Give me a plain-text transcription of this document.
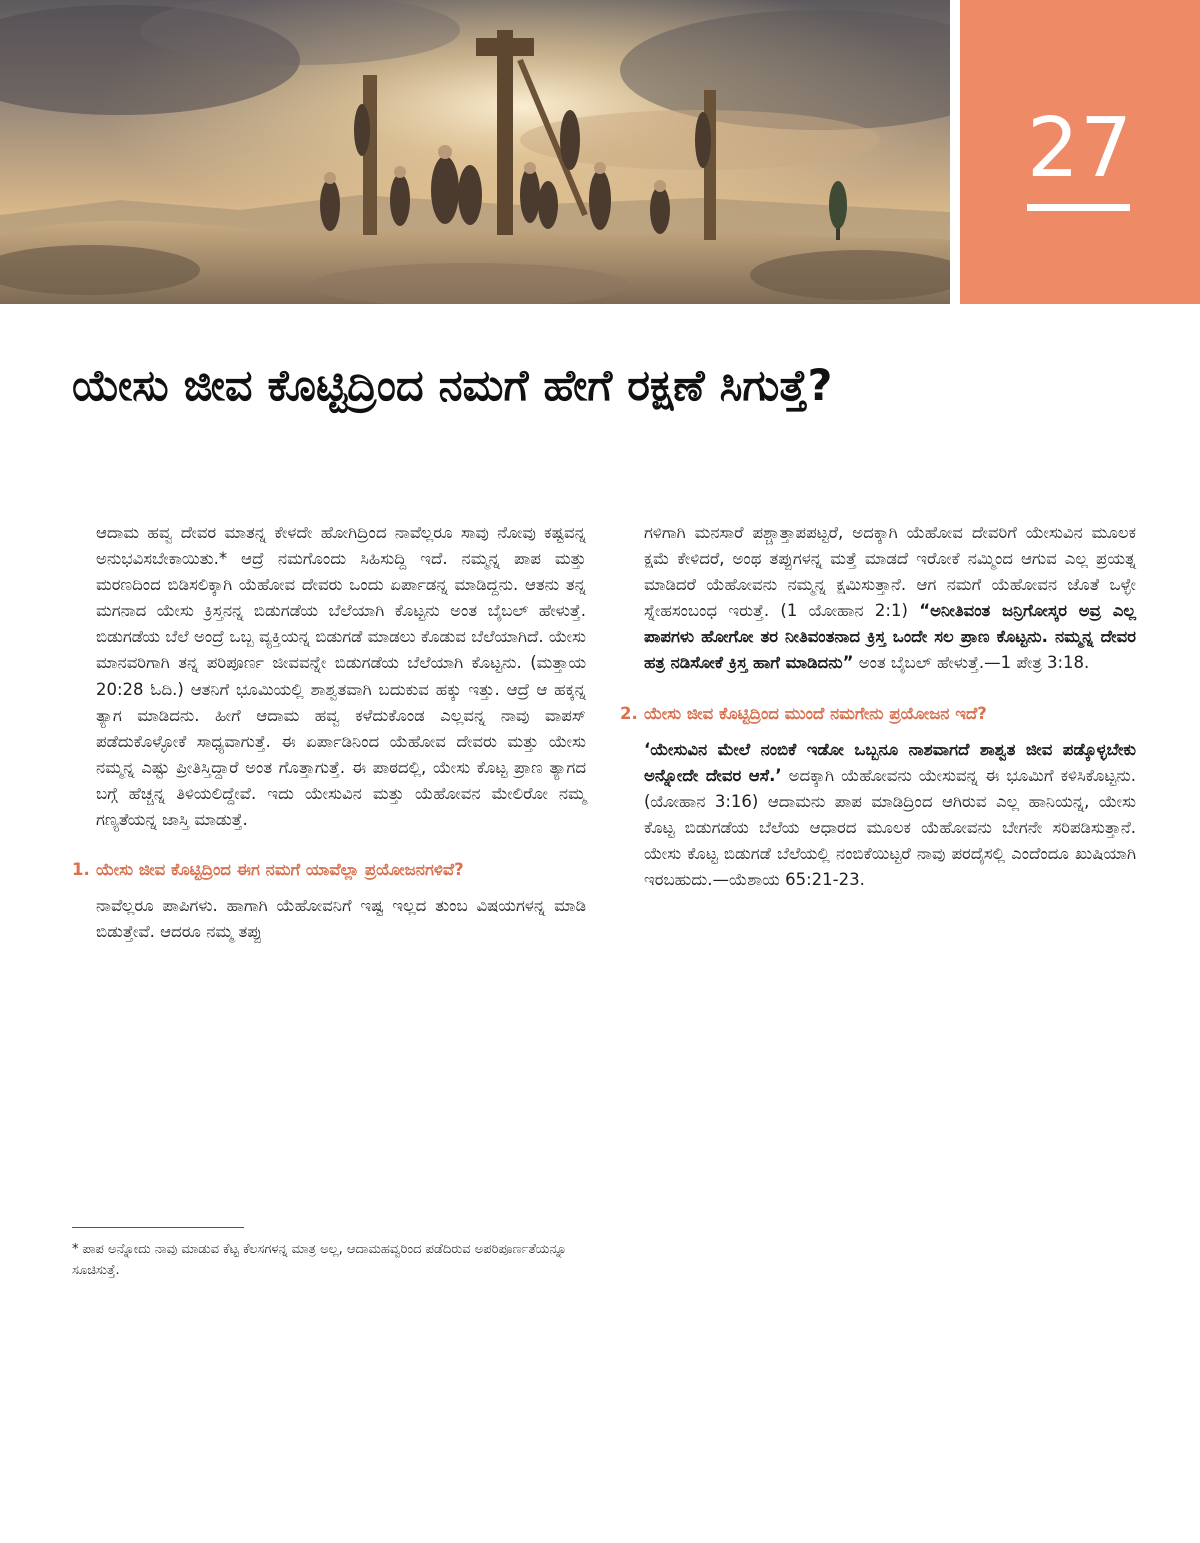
27
ಯೇಸು ಜೀವ ಕೊಟ್ಟಿದ್ರಿಂದ ನಮಗೆ ಹೇಗೆ ರಕ್ಷಣೆ ಸಿಗುತ್ತೆ?

ಆದಾಮ ಹವ್ವ ದೇವರ ಮಾತನ್ನ ಕೇಳದೇ ಹೋಗಿದ್ರಿಂದ ನಾವೆಲ್ಲರೂ ಸಾವು ನೋವು ಕಷ್ಟವನ್ನ ಅನುಭವಿಸಬೇಕಾಯಿತು.* ಆದ್ರೆ ನಮಗೊಂದು ಸಿಹಿಸುದ್ದಿ ಇದೆ. ನಮ್ಮನ್ನ ಪಾಪ ಮತ್ತು ಮರಣದಿಂದ ಬಿಡಿಸಲಿಕ್ಕಾಗಿ ಯೆಹೋವ ದೇವರು ಒಂದು ಏರ್ಪಾಡನ್ನ ಮಾಡಿದ್ದನು. ಆತನು ತನ್ನ ಮಗನಾದ ಯೇಸು ಕ್ರಿಸ್ತನನ್ನ ಬಿಡುಗಡೆಯ ಬೆಲೆಯಾಗಿ ಕೊಟ್ಟನು ಅಂತ ಬೈಬಲ್ ಹೇಳುತ್ತೆ. ಬಿಡುಗಡೆಯ ಬೆಲೆ ಅಂದ್ರೆ ಒಬ್ಬ ವ್ಯಕ್ತಿಯನ್ನ ಬಿಡುಗಡೆ ಮಾಡಲು ಕೊಡುವ ಬೆಲೆಯಾಗಿದೆ. ಯೇಸು ಮಾನವರಿಗಾಗಿ ತನ್ನ ಪರಿಪೂರ್ಣ ಜೀವವನ್ನೇ ಬಿಡುಗಡೆಯ ಬೆಲೆಯಾಗಿ ಕೊಟ್ಟನು. (ಮತ್ತಾಯ 20:28 ಓದಿ.) ಆತನಿಗೆ ಭೂಮಿಯಲ್ಲಿ ಶಾಶ್ವತವಾಗಿ ಬದುಕುವ ಹಕ್ಕು ಇತ್ತು. ಆದ್ರೆ ಆ ಹಕ್ಕನ್ನ ತ್ಯಾಗ ಮಾಡಿದನು. ಹೀಗೆ ಆದಾಮ ಹವ್ವ ಕಳೆದುಕೊಂಡ ಎಲ್ಲವನ್ನ ನಾವು ವಾಪಸ್ ಪಡೆದುಕೊಳ್ಳೋಕೆ ಸಾಧ್ಯವಾಗುತ್ತೆ. ಈ ಏರ್ಪಾಡಿನಿಂದ ಯೆಹೋವ ದೇವರು ಮತ್ತು ಯೇಸು ನಮ್ಮನ್ನ ಎಷ್ಟು ಪ್ರೀತಿಸ್ತಿದ್ದಾರೆ ಅಂತ ಗೊತ್ತಾಗುತ್ತೆ. ಈ ಪಾಠದಲ್ಲಿ, ಯೇಸು ಕೊಟ್ಟ ಪ್ರಾಣ ತ್ಯಾಗದ ಬಗ್ಗೆ ಹೆಚ್ಚನ್ನ ತಿಳಿಯಲಿದ್ದೇವೆ. ಇದು ಯೇಸುವಿನ ಮತ್ತು ಯೆಹೋವನ ಮೇಲಿರೋ ನಮ್ಮ ಗಣ್ಯತೆಯನ್ನ ಜಾಸ್ತಿ ಮಾಡುತ್ತೆ.

1. ಯೇಸು ಜೀವ ಕೊಟ್ಟಿದ್ರಿಂದ ಈಗ ನಮಗೆ ಯಾವೆಲ್ಲಾ ಪ್ರಯೋಜನಗಳಿವೆ?

ನಾವೆಲ್ಲರೂ ಪಾಪಿಗಳು. ಹಾಗಾಗಿ ಯೆಹೋವನಿಗೆ ಇಷ್ಟ ಇಲ್ಲದ ತುಂಬ ವಿಷಯಗಳನ್ನ ಮಾಡಿ ಬಿಡುತ್ತೇವೆ. ಆದರೂ ನಮ್ಮ ತಪ್ಪು

ಗಳಿಗಾಗಿ ಮನಸಾರೆ ಪಶ್ಚಾತ್ತಾಪಪಟ್ಟರೆ, ಅದಕ್ಕಾಗಿ ಯೆಹೋವ ದೇವರಿಗೆ ಯೇಸುವಿನ ಮೂಲಕ ಕ್ಷಮೆ ಕೇಳಿದರೆ, ಅಂಥ ತಪ್ಪುಗಳನ್ನ ಮತ್ತೆ ಮಾಡದೆ ಇರೋಕೆ ನಮ್ಮಿಂದ ಆಗುವ ಎಲ್ಲ ಪ್ರಯತ್ನ ಮಾಡಿದರೆ ಯೆಹೋವನು ನಮ್ಮನ್ನ ಕ್ಷಮಿಸುತ್ತಾನೆ. ಆಗ ನಮಗೆ ಯೆಹೋವನ ಜೊತೆ ಒಳ್ಳೇ ಸ್ನೇಹಸಂಬಂಧ ಇರುತ್ತೆ. (1 ಯೋಹಾನ 2:1) “ಅನೀತಿವಂತ ಜನ್ರಿಗೋಸ್ಕರ ಅವ್ರ ಎಲ್ಲ ಪಾಪಗಳು ಹೋಗೋ ತರ ನೀತಿವಂತನಾದ ಕ್ರಿಸ್ತ ಒಂದೇ ಸಲ ಪ್ರಾಣ ಕೊಟ್ಟನು. ನಮ್ಮನ್ನ ದೇವರ ಹತ್ರ ನಡಿಸೋಕೆ ಕ್ರಿಸ್ತ ಹಾಗೆ ಮಾಡಿದನು” ಅಂತ ಬೈಬಲ್ ಹೇಳುತ್ತೆ.—1 ಪೇತ್ರ 3:18.

2. ಯೇಸು ಜೀವ ಕೊಟ್ಟಿದ್ರಿಂದ ಮುಂದೆ ನಮಗೇನು ಪ್ರಯೋಜನ ಇದೆ?

‘ಯೇಸುವಿನ ಮೇಲೆ ನಂಬಿಕೆ ಇಡೋ ಒಬ್ಬನೂ ನಾಶವಾಗದೆ ಶಾಶ್ವತ ಜೀವ ಪಡ್ಕೊಳ್ಳಬೇಕು ಅನ್ನೋದೇ ದೇವರ ಆಸೆ.’ ಅದಕ್ಕಾಗಿ ಯೆಹೋವನು ಯೇಸುವನ್ನ ಈ ಭೂಮಿಗೆ ಕಳಿಸಿಕೊಟ್ಟನು. (ಯೋಹಾನ 3:16) ಆದಾಮನು ಪಾಪ ಮಾಡಿದ್ರಿಂದ ಆಗಿರುವ ಎಲ್ಲ ಹಾನಿಯನ್ನ, ಯೇಸು ಕೊಟ್ಟ ಬಿಡುಗಡೆಯ ಬೆಲೆಯ ಆಧಾರದ ಮೂಲಕ ಯೆಹೋವನು ಬೇಗನೇ ಸರಿಪಡಿಸುತ್ತಾನೆ. ಯೇಸು ಕೊಟ್ಟ ಬಿಡುಗಡೆ ಬೆಲೆಯಲ್ಲಿ ನಂಬಿಕೆಯಿಟ್ಟರೆ ನಾವು ಪರದೈಸಲ್ಲಿ ಎಂದೆಂದೂ ಖುಷಿಯಾಗಿ ಇರಬಹುದು.—ಯೆಶಾಯ 65:21-23.

* ಪಾಪ ಅನ್ನೋದು ನಾವು ಮಾಡುವ ಕೆಟ್ಟ ಕೆಲಸಗಳನ್ನ ಮಾತ್ರ ಅಲ್ಲ, ಆದಾಮಹವ್ವರಿಂದ ಪಡೆದಿರುವ ಅಪರಿಪೂರ್ಣತೆಯನ್ನೂ ಸೂಚಿಸುತ್ತೆ.
